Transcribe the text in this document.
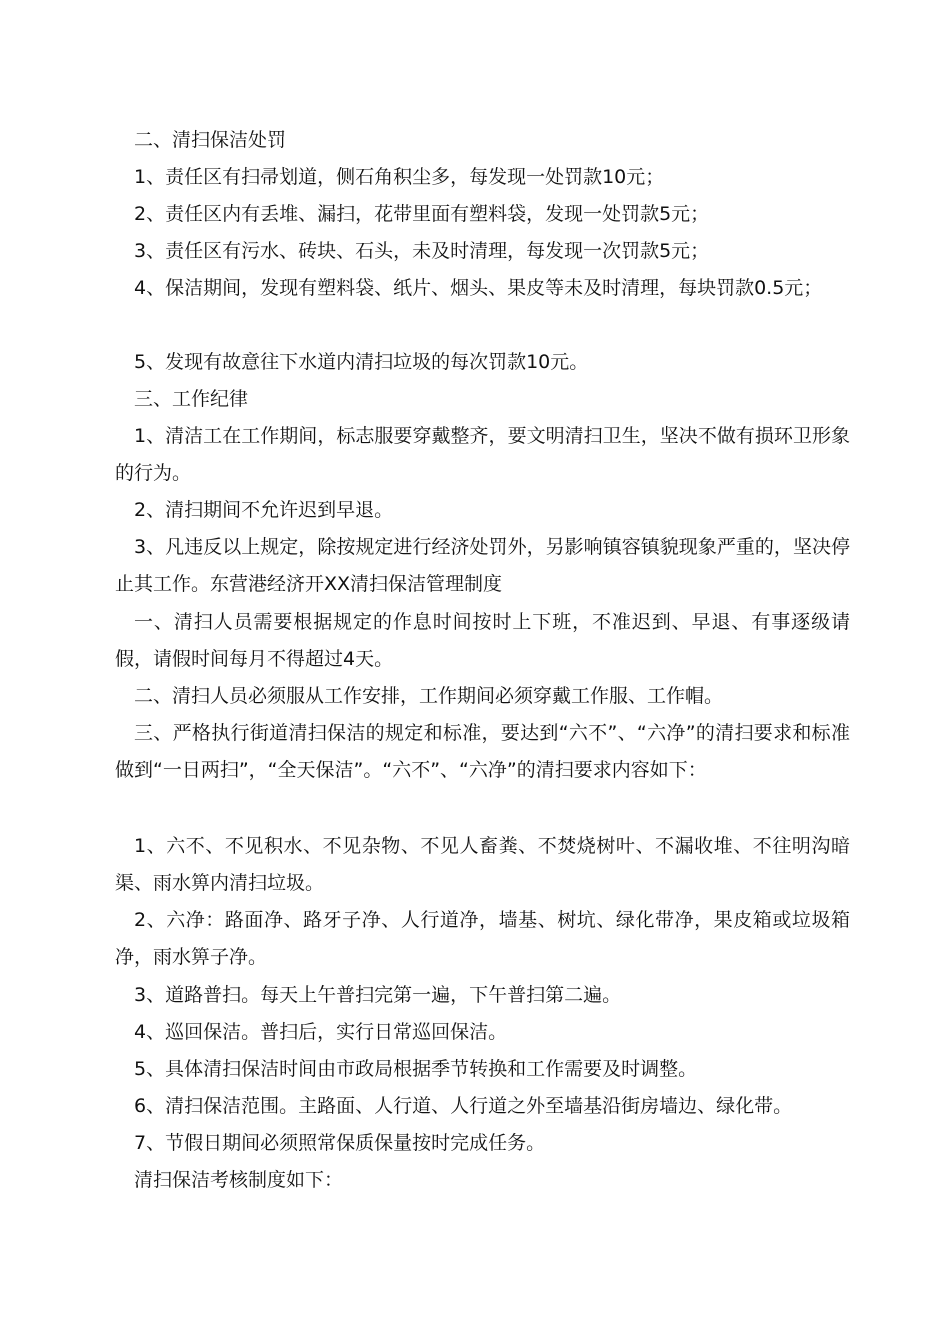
二、清扫保洁处罚

1、责任区有扫帚划道，侧石角积尘多，每发现一处罚款10元；

2、责任区内有丢堆、漏扫，花带里面有塑料袋，发现一处罚款5元；

3、责任区有污水、砖块、石头，未及时清理，每发现一次罚款5元；

4、保洁期间，发现有塑料袋、纸片、烟头、果皮等未及时清理，每块罚款0.5元；

5、发现有故意往下水道内清扫垃圾的每次罚款10元。

三、工作纪律

1、清洁工在工作期间，标志服要穿戴整齐，要文明清扫卫生，坚决不做有损环卫形象的行为。

2、清扫期间不允许迟到早退。

3、凡违反以上规定，除按规定进行经济处罚外，另影响镇容镇貌现象严重的，坚决停止其工作。东营港经济开XX清扫保洁管理制度

一、清扫人员需要根据规定的作息时间按时上下班，不准迟到、早退、有事逐级请假，请假时间每月不得超过4天。

二、清扫人员必须服从工作安排，工作期间必须穿戴工作服、工作帽。

三、严格执行街道清扫保洁的规定和标准，要达到“六不”、“六净”的清扫要求和标准做到“一日两扫”，“全天保洁”。“六不”、“六净”的清扫要求内容如下：

1、六不、不见积水、不见杂物、不见人畜粪、不焚烧树叶、不漏收堆、不往明沟暗渠、雨水箅内清扫垃圾。

2、六净：路面净、路牙子净、人行道净，墙基、树坑、绿化带净，果皮箱或垃圾箱净，雨水箅子净。

3、道路普扫。每天上午普扫完第一遍，下午普扫第二遍。

4、巡回保洁。普扫后，实行日常巡回保洁。

5、具体清扫保洁时间由市政局根据季节转换和工作需要及时调整。

6、清扫保洁范围。主路面、人行道、人行道之外至墙基沿街房墙边、绿化带。

7、节假日期间必须照常保质保量按时完成任务。

清扫保洁考核制度如下：
